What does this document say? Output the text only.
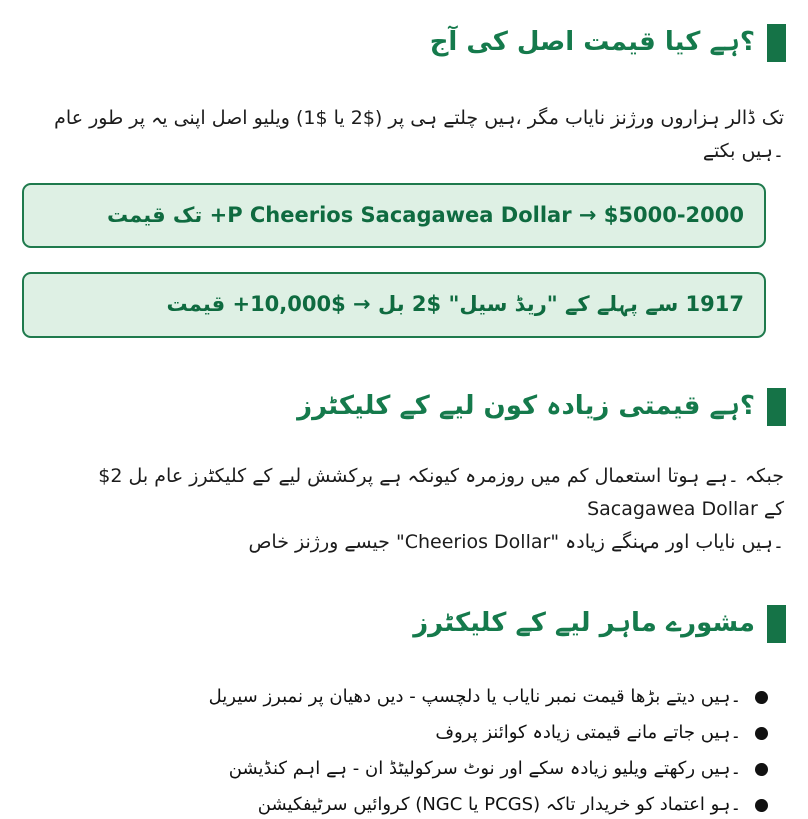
آج کی اصل قیمت کیا ہے؟
عام طور پر یہ اپنی اصل ویلیو (1$ یا 2$) پر ہی چلتے ہیں، مگر نایاب ورژنز ہزاروں ڈالر تک بکتے ہیں۔
قیمت تک +P Cheerios Sacagawea Dollar → $5000-2000
قیمت +10,000$ → بل 2$ "ریڈ سیل" کے پہلے سے 1917
کلیکٹرز کے لیے کون زیادہ قیمتی ہے؟
$2 بل عام کلیکٹرز کے لیے پرکشش ہے کیونکہ روزمرہ میں کم استعمال ہوتا ہے۔ جبکہ Sacagawea Dollar کے
خاص ورژنز جیسے "Cheerios Dollar" زیادہ مہنگے اور نایاب ہیں۔
کلیکٹرز کے لیے ماہر مشورے
سیریل نمبرز پر دھیان دیں - دلچسپ یا نایاب نمبر قیمت بڑھا دیتے ہیں۔
پروف کوائنز زیادہ قیمتی مانے جاتے ہیں۔
کنڈیشن اہم ہے - ان سرکولیٹڈ نوٹ اور سکے زیادہ ویلیو رکھتے ہیں۔
سرٹیفکیشن کروائیں (NGC یا PCGS) تاکہ خریدار کو اعتماد ہو۔
